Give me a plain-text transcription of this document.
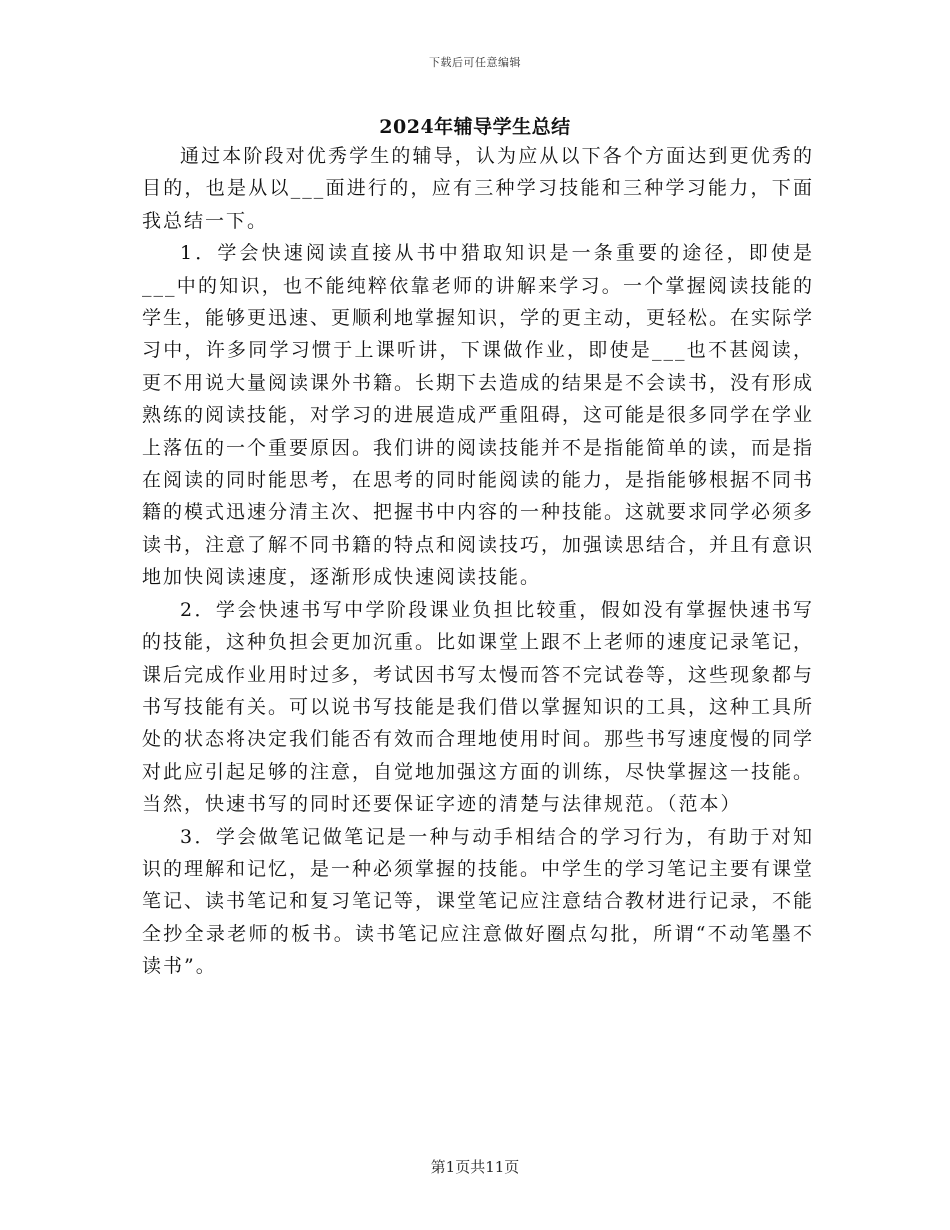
下载后可任意编辑
2024年辅导学生总结

通过本阶段对优秀学生的辅导，认为应从以下各个方面达到更优秀的目的，也是从以___面进行的，应有三种学习技能和三种学习能力，下面我总结一下。

1．学会快速阅读直接从书中猎取知识是一条重要的途径，即使是___中的知识，也不能纯粹依靠老师的讲解来学习。一个掌握阅读技能的学生，能够更迅速、更顺利地掌握知识，学的更主动，更轻松。在实际学习中，许多同学习惯于上课听讲，下课做作业，即使是___也不甚阅读，更不用说大量阅读课外书籍。长期下去造成的结果是不会读书，没有形成熟练的阅读技能，对学习的进展造成严重阻碍，这可能是很多同学在学业上落伍的一个重要原因。我们讲的阅读技能并不是指能简单的读，而是指在阅读的同时能思考，在思考的同时能阅读的能力，是指能够根据不同书籍的模式迅速分清主次、把握书中内容的一种技能。这就要求同学必须多读书，注意了解不同书籍的特点和阅读技巧，加强读思结合，并且有意识地加快阅读速度，逐渐形成快速阅读技能。

2．学会快速书写中学阶段课业负担比较重，假如没有掌握快速书写的技能，这种负担会更加沉重。比如课堂上跟不上老师的速度记录笔记，课后完成作业用时过多，考试因书写太慢而答不完试卷等，这些现象都与书写技能有关。可以说书写技能是我们借以掌握知识的工具，这种工具所处的状态将决定我们能否有效而合理地使用时间。那些书写速度慢的同学对此应引起足够的注意，自觉地加强这方面的训练，尽快掌握这一技能。当然，快速书写的同时还要保证字迹的清楚与法律规范。（范本）

3．学会做笔记做笔记是一种与动手相结合的学习行为，有助于对知识的理解和记忆，是一种必须掌握的技能。中学生的学习笔记主要有课堂笔记、读书笔记和复习笔记等，课堂笔记应注意结合教材进行记录，不能全抄全录老师的板书。读书笔记应注意做好圈点勾批，所谓“不动笔墨不读书”。

第1页共11页
